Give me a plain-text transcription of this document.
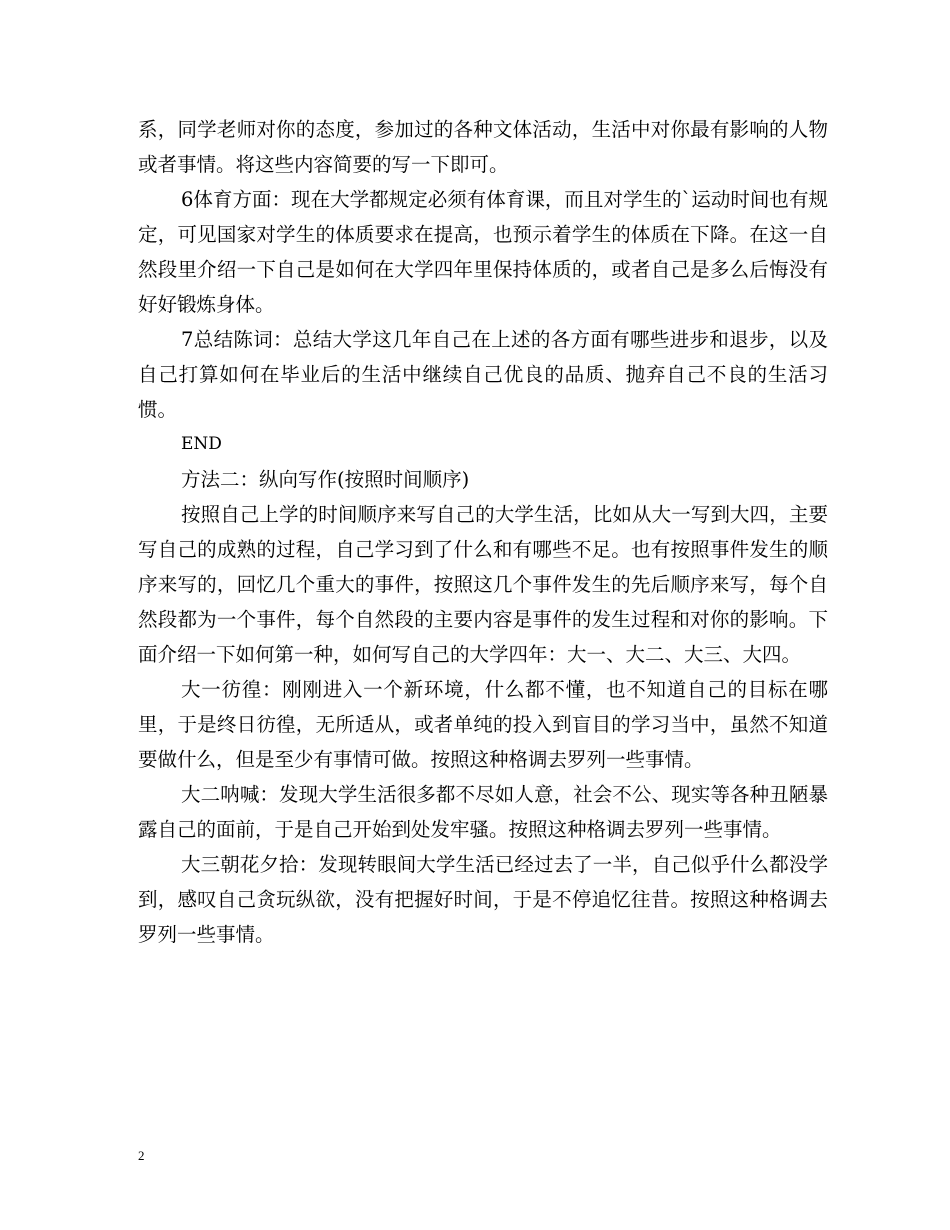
系，同学老师对你的态度，参加过的各种文体活动，生活中对你最有影响的人物或者事情。将这些内容简要的写一下即可。

6体育方面：现在大学都规定必须有体育课，而且对学生的`运动时间也有规定，可见国家对学生的体质要求在提高，也预示着学生的体质在下降。在这一自然段里介绍一下自己是如何在大学四年里保持体质的，或者自己是多么后悔没有好好锻炼身体。

7总结陈词：总结大学这几年自己在上述的各方面有哪些进步和退步，以及自己打算如何在毕业后的生活中继续自己优良的品质、抛弃自己不良的生活习惯。

END

方法二：纵向写作(按照时间顺序)

按照自己上学的时间顺序来写自己的大学生活，比如从大一写到大四，主要写自己的成熟的过程，自己学习到了什么和有哪些不足。也有按照事件发生的顺序来写的，回忆几个重大的事件，按照这几个事件发生的先后顺序来写，每个自然段都为一个事件，每个自然段的主要内容是事件的发生过程和对你的影响。下面介绍一下如何第一种，如何写自己的大学四年：大一、大二、大三、大四。

大一彷徨：刚刚进入一个新环境，什么都不懂，也不知道自己的目标在哪里，于是终日彷徨，无所适从，或者单纯的投入到盲目的学习当中，虽然不知道要做什么，但是至少有事情可做。按照这种格调去罗列一些事情。

大二呐喊：发现大学生活很多都不尽如人意，社会不公、现实等各种丑陋暴露自己的面前，于是自己开始到处发牢骚。按照这种格调去罗列一些事情。

大三朝花夕拾：发现转眼间大学生活已经过去了一半，自己似乎什么都没学到，感叹自己贪玩纵欲，没有把握好时间，于是不停追忆往昔。按照这种格调去罗列一些事情。

2
